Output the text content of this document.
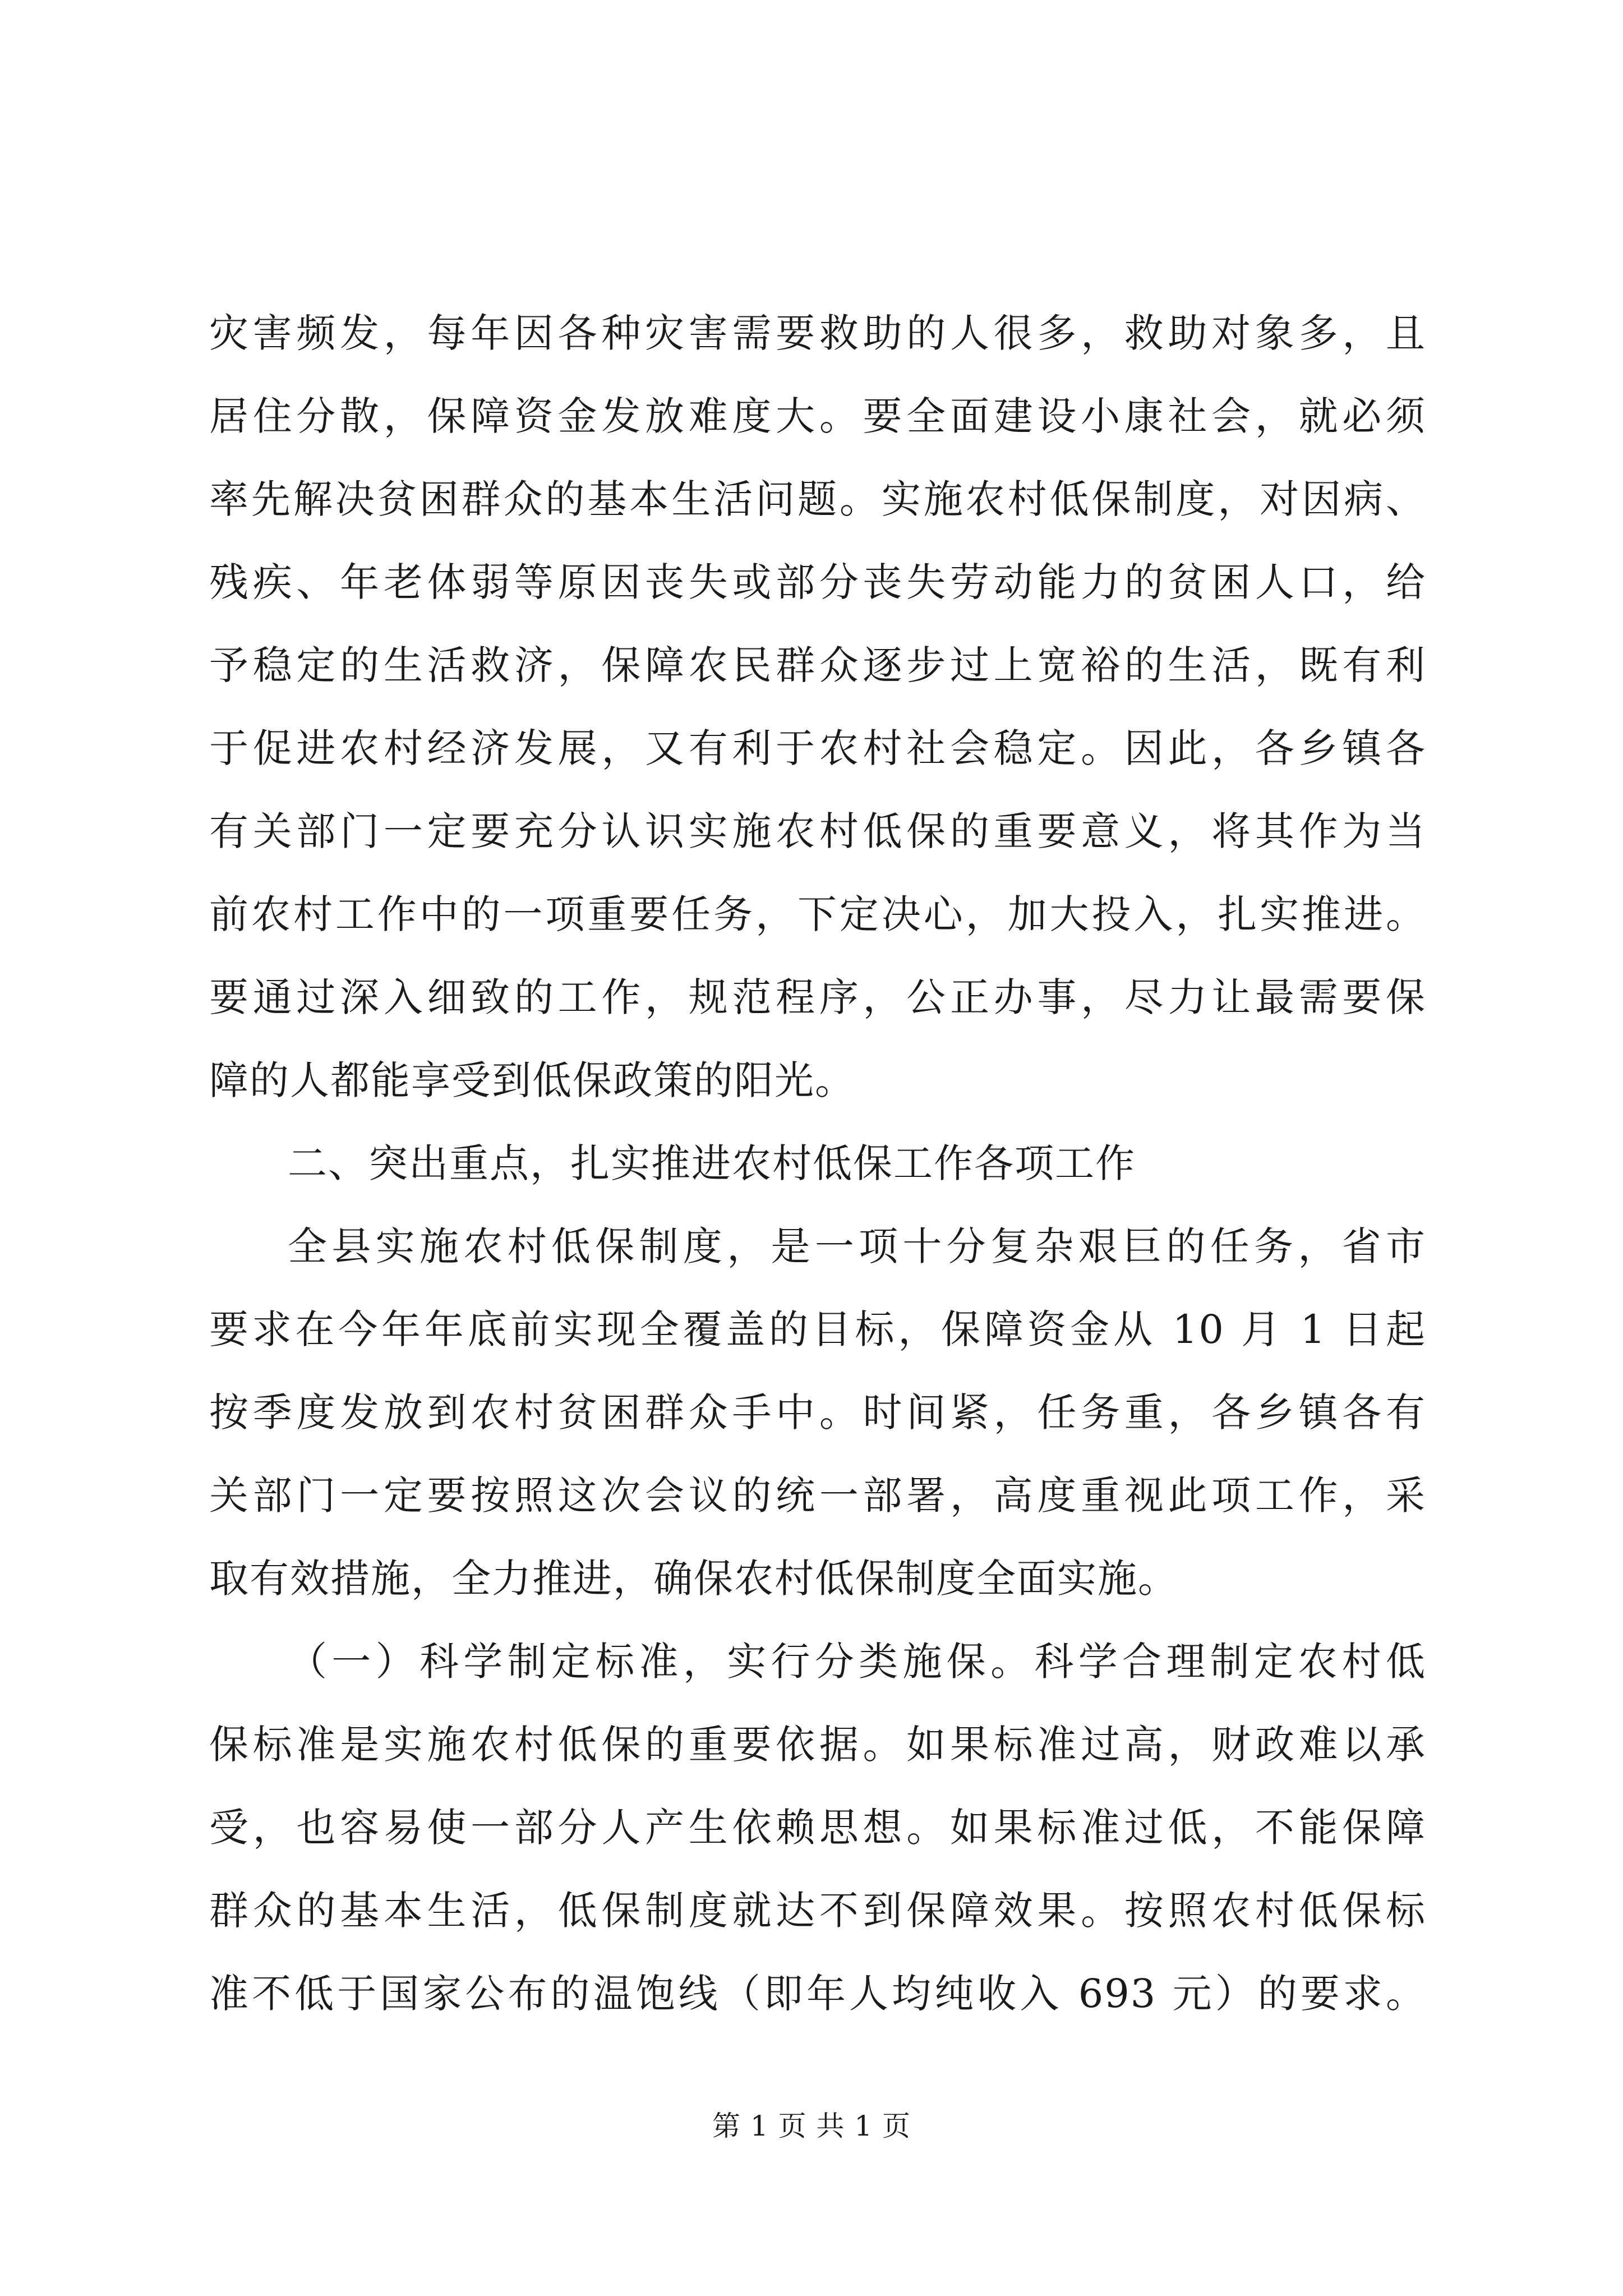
灾害频发，每年因各种灾害需要救助的人很多，救助对象多，且
居住分散，保障资金发放难度大。要全面建设小康社会，就必须
率先解决贫困群众的基本生活问题。实施农村低保制度，对因病、
残疾、年老体弱等原因丧失或部分丧失劳动能力的贫困人口，给
予稳定的生活救济，保障农民群众逐步过上宽裕的生活，既有利
于促进农村经济发展，又有利于农村社会稳定。因此，各乡镇各
有关部门一定要充分认识实施农村低保的重要意义，将其作为当
前农村工作中的一项重要任务，下定决心，加大投入，扎实推进。
要通过深入细致的工作，规范程序，公正办事，尽力让最需要保
障的人都能享受到低保政策的阳光。
二、突出重点，扎实推进农村低保工作各项工作
全县实施农村低保制度，是一项十分复杂艰巨的任务，省市
要求在今年年底前实现全覆盖的目标，保障资金从 10 月 1 日起
按季度发放到农村贫困群众手中。时间紧，任务重，各乡镇各有
关部门一定要按照这次会议的统一部署，高度重视此项工作，采
取有效措施，全力推进，确保农村低保制度全面实施。
（一）科学制定标准，实行分类施保。科学合理制定农村低
保标准是实施农村低保的重要依据。如果标准过高，财政难以承
受，也容易使一部分人产生依赖思想。如果标准过低，不能保障
群众的基本生活，低保制度就达不到保障效果。按照农村低保标
准不低于国家公布的温饱线（即年人均纯收入 693 元）的要求。
第 1 页 共 1 页
